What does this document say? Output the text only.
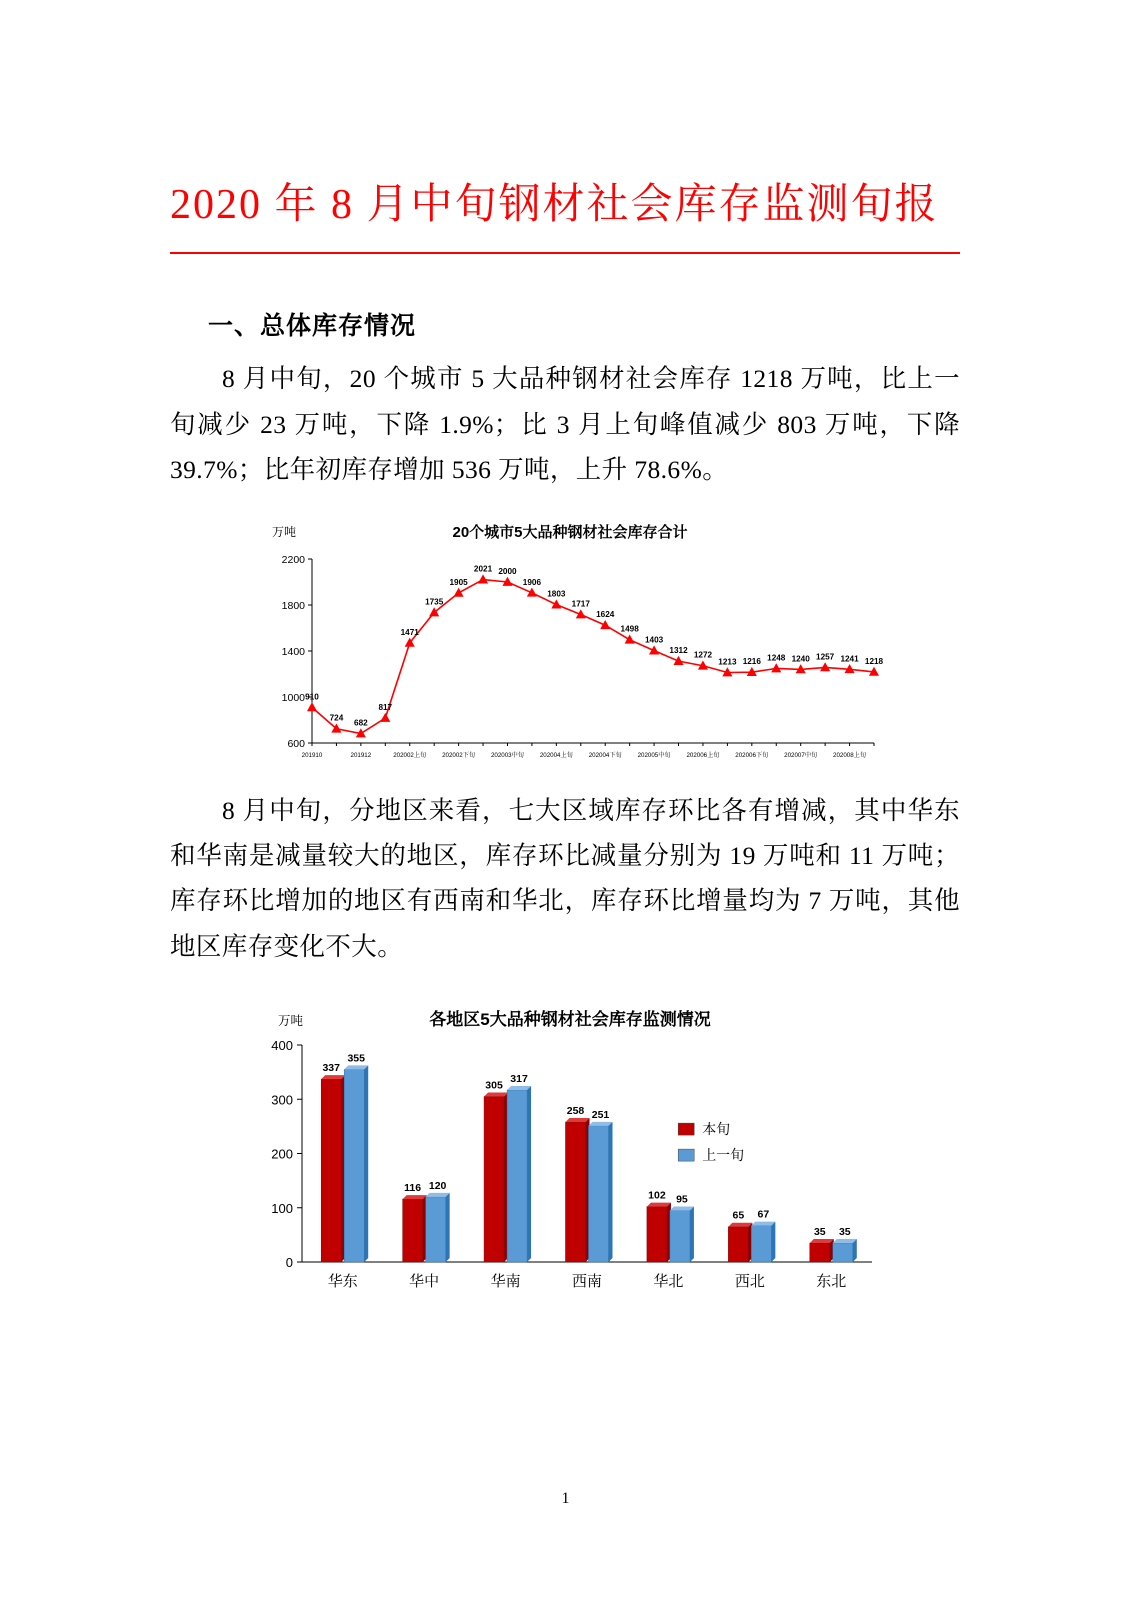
2020 年 8 月中旬钢材社会库存监测旬报
一、总体库存情况

8 月中旬，20 个城市 5 大品种钢材社会库存 1218 万吨，比上一旬减少 23 万吨，下降 1.9%；比 3 月上旬峰值减少 803 万吨，下降 39.7%；比年初库存增加 536 万吨，上升 78.6%。

万吨	20个城市5大品种钢材社会库存合计
600
1000
1400
1800
2200
201910	201912	202002上旬	202002下旬	202003中旬	202004上旬	202004下旬	202005中旬	202006上旬	202006下旬	202007中旬	202008上旬
910
724
682
817
1471
1735
1905
2021 2000
1906
1803
1717
1624
1498
1403
1312
1272
1213 1216 1248 1240 1257 1241 1218

8 月中旬，分地区来看，七大区域库存环比各有增减，其中华东和华南是减量较大的地区，库存环比减量分别为 19 万吨和 11 万吨；库存环比增加的地区有西南和华北，库存环比增量均为 7 万吨，其他地区库存变化不大。

万吨	各地区5大品种钢材社会库存监测情况
0
100
200
300
400
337
355
华东
116 120
华中
305
317
华南
258 251
西南
102 95
华北
65 67
西北
35 35
东北
本旬
上一旬
1
